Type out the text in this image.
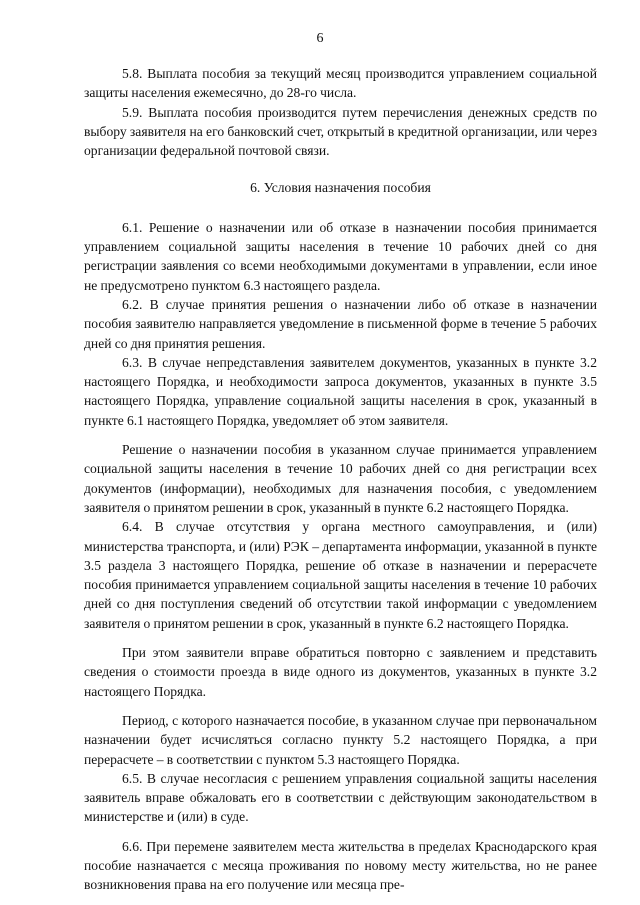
6

5.8. Выплата пособия за текущий месяц производится управлением социальной защиты населения ежемесячно, до 28-го числа.

5.9. Выплата пособия производится путем перечисления денежных средств по выбору заявителя на его банковский счет, открытый в кредитной организации, или через организации федеральной почтовой связи.

6. Условия назначения пособия

6.1. Решение о назначении или об отказе в назначении пособия принимается управлением социальной защиты населения в течение 10 рабочих дней со дня регистрации заявления со всеми необходимыми документами в управлении, если иное не предусмотрено пунктом 6.3 настоящего раздела.

6.2. В случае принятия решения о назначении либо об отказе в назначении пособия заявителю направляется уведомление в письменной форме в течение 5 рабочих дней со дня принятия решения.

6.3. В случае непредставления заявителем документов, указанных в пункте 3.2 настоящего Порядка, и необходимости запроса документов, указанных в пункте 3.5 настоящего Порядка, управление социальной защиты населения в срок, указанный в пункте 6.1 настоящего Порядка, уведомляет об этом заявителя.

Решение о назначении пособия в указанном случае принимается управлением социальной защиты населения в течение 10 рабочих дней со дня регистрации всех документов (информации), необходимых для назначения пособия, с уведомлением заявителя о принятом решении в срок, указанный в пункте 6.2 настоящего Порядка.

6.4. В случае отсутствия у органа местного самоуправления, и (или) министерства транспорта, и (или) РЭК – департамента информации, указанной в пункте 3.5 раздела 3 настоящего Порядка, решение об отказе в назначении и перерасчете пособия принимается управлением социальной защиты населения в течение 10 рабочих дней со дня поступления сведений об отсутствии такой информации с уведомлением заявителя о принятом решении в срок, указанный в пункте 6.2 настоящего Порядка.

При этом заявители вправе обратиться повторно с заявлением и представить сведения о стоимости проезда в виде одного из документов, указанных в пункте 3.2 настоящего Порядка.

Период, с которого назначается пособие, в указанном случае при первоначальном назначении будет исчисляться согласно пункту 5.2 настоящего Порядка, а при перерасчете – в соответствии с пунктом 5.3 настоящего Порядка.

6.5. В случае несогласия с решением управления социальной защиты населения заявитель вправе обжаловать его в соответствии с действующим законодательством в министерстве и (или) в суде.

6.6. При перемене заявителем места жительства в пределах Краснодарского края пособие назначается с месяца проживания по новому месту жительства, но не ранее возникновения права на его получение или месяца пре-
